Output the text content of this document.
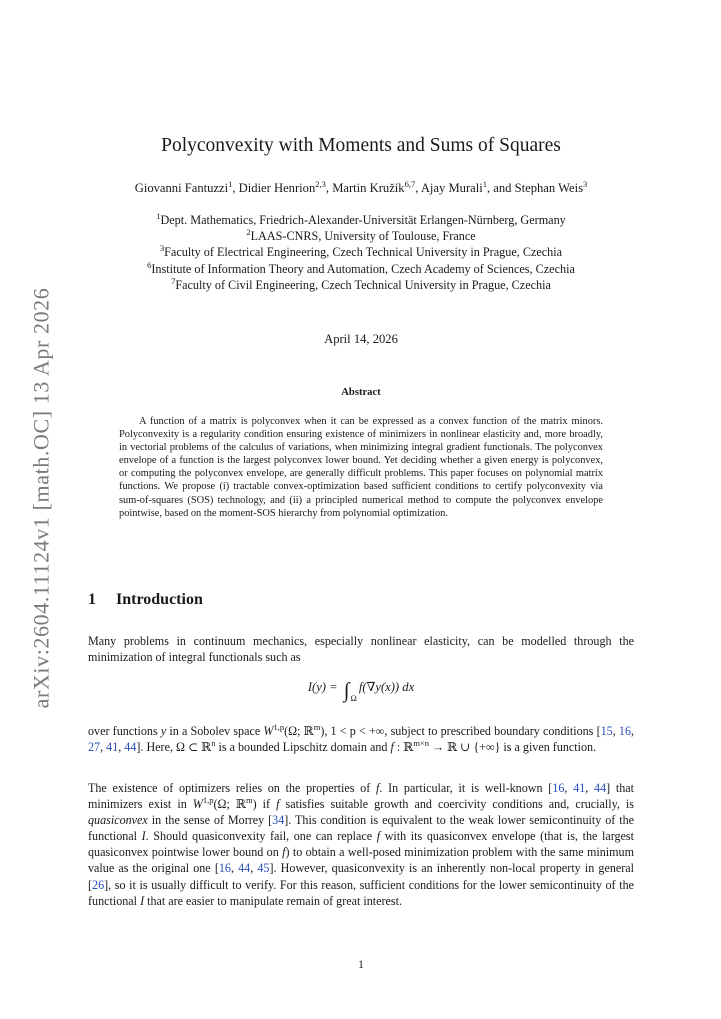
arXiv:2604.11124v1 [math.OC] 13 Apr 2026
Polyconvexity with Moments and Sums of Squares
Giovanni Fantuzzi$^1$, Didier Henrion$^{2,3}$, Martin Kružík$^{6,7}$, Ajay Murali$^1$, and Stephan Weis$^3$
$^1$Dept. Mathematics, Friedrich-Alexander-Universität Erlangen-Nürnberg, Germany
$^2$LAAS-CNRS, University of Toulouse, France
$^3$Faculty of Electrical Engineering, Czech Technical University in Prague, Czechia
$^6$Institute of Information Theory and Automation, Czech Academy of Sciences, Czechia
$^7$Faculty of Civil Engineering, Czech Technical University in Prague, Czechia
April 14, 2026
Abstract
A function of a matrix is polyconvex when it can be expressed as a convex function of the matrix minors. Polyconvexity is a regularity condition ensuring existence of minimizers in nonlinear elasticity and, more broadly, in vectorial problems of the calculus of variations, when minimizing integral gradient functionals. The polyconvex envelope of a function is the largest polyconvex lower bound. Yet deciding whether a given energy is polyconvex, or computing the polyconvex envelope, are generally difficult problems. This paper focuses on polynomial matrix functions. We propose (i) tractable convex-optimization based sufficient conditions to certify polyconvexity via sum-of-squares (SOS) technology, and (ii) a principled numerical method to compute the polyconvex envelope pointwise, based on the moment-SOS hierarchy from polynomial optimization.
1 Introduction
Many problems in continuum mechanics, especially nonlinear elasticity, can be modelled through the minimization of integral functionals such as
$I(y) = \int_\Omega f(\nabla y(x))$ dx
over functions y in a Sobolev space W$^{1,p}$(Ω; ℝ$^m$), 1 < p < +∞, subject to prescribed boundary conditions [15, 16, 27, 41, 44]. Here, Ω ⊂ ℝ$^n$ is a bounded Lipschitz domain and f : ℝ$^{m\times n}$ → ℝ ∪ {+∞} is a given function.
The existence of optimizers relies on the properties of f. In particular, it is well-known [16, 41, 44] that minimizers exist in W$^{1,p}$(Ω; ℝ$^m$) if f satisfies suitable growth and coercivity conditions and, crucially, is quasiconvex in the sense of Morrey [34]. This condition is equivalent to the weak lower semicontinuity of the functional I. Should quasiconvexity fail, one can replace f with its quasiconvex envelope (that is, the largest quasiconvex pointwise lower bound on f) to obtain a well-posed minimization problem with the same minimum value as the original one [16, 44, 45]. However, quasiconvexity is an inherently non-local property in general [26], so it is usually difficult to verify. For this reason, sufficient conditions for the lower semicontinuity of the functional I that are easier to manipulate remain of great interest.
1
